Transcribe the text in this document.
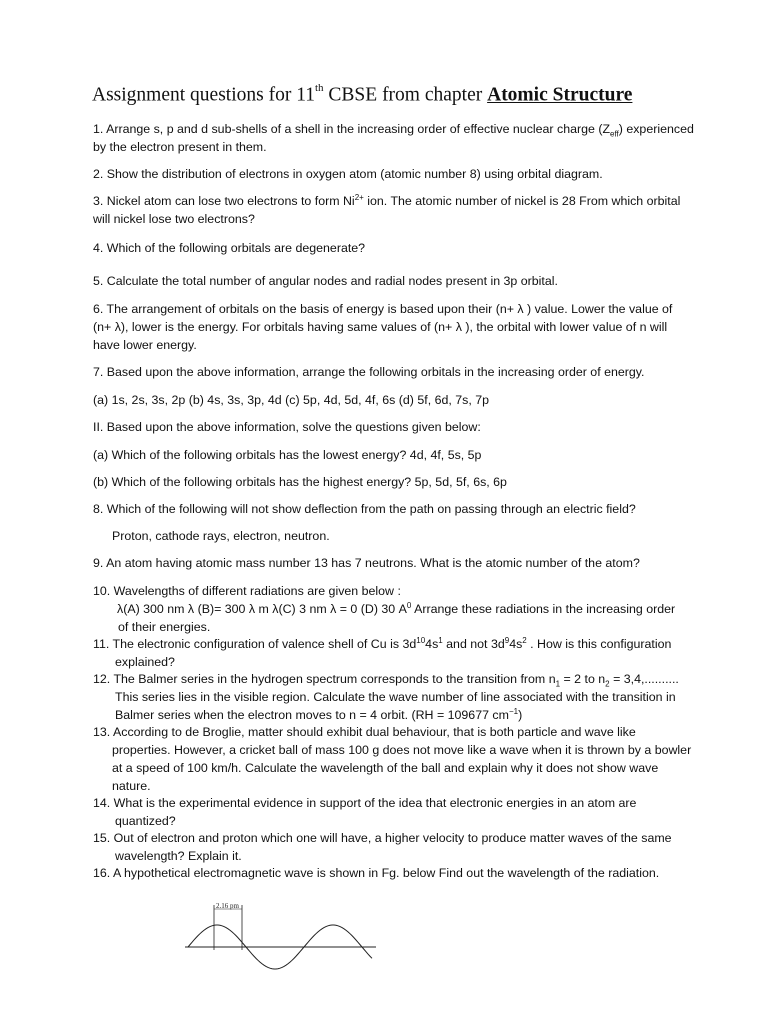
Assignment questions for 11th CBSE from chapter Atomic Structure
1. Arrange s, p and d sub-shells of a shell in the increasing order of effective nuclear charge $(Z_{eff})$ experienced
by the electron present in them.
2. Show the distribution of electrons in oxygen atom (atomic number 8) using orbital diagram.
3. Nickel atom can lose two electrons to form $Ni^{2+}$ ion. The atomic number of nickel is 28 From which orbital
will nickel lose two electrons?
4. Which of the following orbitals are degenerate?
5. Calculate the total number of angular nodes and radial nodes present in 3p orbital.
6. The arrangement of orbitals on the basis of energy is based upon their (n+ λ ) value. Lower the value of
(n+ λ), lower is the energy. For orbitals having same values of (n+ λ ), the orbital with lower value of n will
have lower energy.
7. Based upon the above information, arrange the following orbitals in the increasing order of energy.
(a) 1s, 2s, 3s, 2p (b) 4s, 3s, 3p, 4d (c) 5p, 4d, 5d, 4f, 6s (d) 5f, 6d, 7s, 7p
II. Based upon the above information, solve the questions given below:
(a) Which of the following orbitals has the lowest energy? 4d, 4f, 5s, 5p
(b) Which of the following orbitals has the highest energy? 5p, 5d, 5f, 6s, 6p
8. Which of the following will not show deflection from the path on passing through an electric field?
Proton, cathode rays, electron, neutron.
9. An atom having atomic mass number 13 has 7 neutrons. What is the atomic number of the atom?
10. Wavelengths of different radiations are given below :
λ(A) 300 nm λ (B)= 300 λ m λ(C) 3 nm λ = 0 (D) 30 $A^0$ Arrange these radiations in the increasing order
of their energies.
11. The electronic configuration of valence shell of Cu is $3d^{10}4s^1$ and not $3d^94s^2$ . How is this configuration
explained?
12. The Balmer series in the hydrogen spectrum corresponds to the transition from $n_1 = 2$ to $n_2 = 3,4$,..........
This series lies in the visible region. Calculate the wave number of line associated with the transition in
Balmer series when the electron moves to n = 4 orbit. (RH = 109677 $cm^{-1}$)
13. According to de Broglie, matter should exhibit dual behaviour, that is both particle and wave like
properties. However, a cricket ball of mass 100 g does not move like a wave when it is thrown by a bowler
at a speed of 100 km/h. Calculate the wavelength of the ball and explain why it does not show wave
nature.
14. What is the experimental evidence in support of the idea that electronic energies in an atom are
quantized?
15. Out of electron and proton which one will have, a higher velocity to produce matter waves of the same
wavelength? Explain it.
16. A hypothetical electromagnetic wave is shown in Fg. below Find out the wavelength of the radiation.
2.16 pm
